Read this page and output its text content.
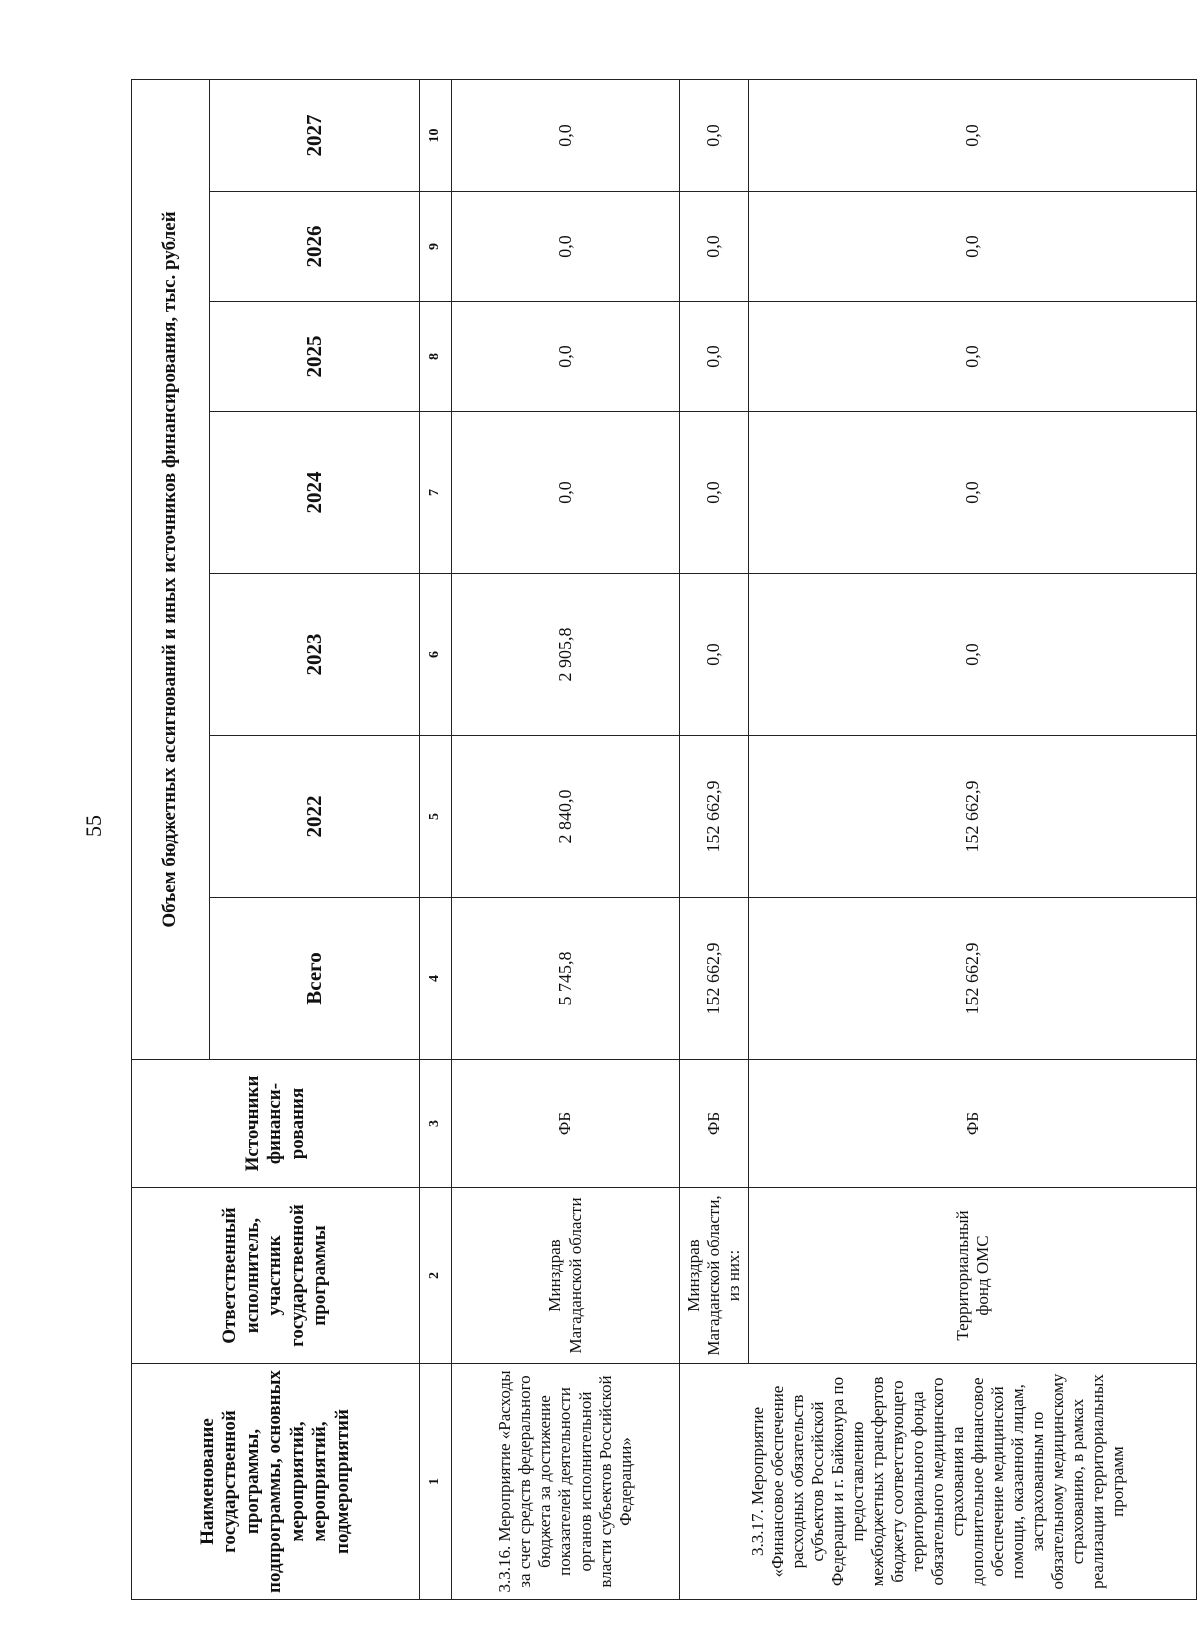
55
Наименование государственной программы, подпрограммы, основных мероприятий, мероприятий, подмероприятий	Ответственный исполнитель, участник государственной программы	Источники финанси-рования	Объем бюджетных ассигнований и иных источников финансирования, тыс. рублей						
			Всего	2022	2023	2024	2025	2026	2027
1	2	3	4	5	6	7	8	9	10
3.3.16. Мероприятие «Расходы за счет средств федерального бюджета за достижение показателей деятельности органов исполнительной власти субъектов Российской Федерации»	Минздрав Магаданской области	ФБ	5 745,8	2 840,0	2 905,8	0,0	0,0	0,0	0,0
3.3.17. Мероприятие «Финансовое обеспечение расходных обязательств субъектов Российской Федерации и г. Байконура по предоставлению межбюджетных трансфертов бюджету соответствующего территориального фонда обязательного медицинского страхования на дополнительное финансовое обеспечение медицинской помощи, оказанной лицам, застрахованным по обязательному медицинскому страхованию, в рамках реализации территориальных программ	Минздрав Магаданской области, из них:	ФБ	152 662,9	152 662,9	0,0	0,0	0,0	0,0	0,0
	Территориальный фонд ОМС	ФБ	152 662,9	152 662,9	0,0	0,0	0,0	0,0	0,0
